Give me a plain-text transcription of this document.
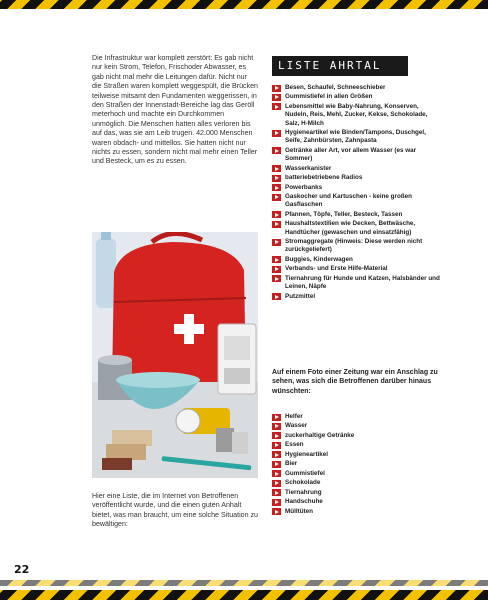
Die Infrastruktur war komplett zerstört: Es gab nicht nur kein Strom, Telefon, Frischoder Abwasser, es gab nicht mal mehr die Leitungen dafür. Nicht nur die Straßen waren komplett weggespült, die Brücken teilweise mitsamt den Fundamenten weggerissen, in den Straßen der Innenstadt-Bereiche lag das Geröll meterhoch und machte ein Durchkommen unmöglich. Die Menschen hatten alles verloren bis auf das, was sie am Leib trugen. 42.000 Menschen waren obdach- und mittellos. Sie hatten nicht nur nichts zu essen, sondern nicht mal mehr einen Teller und Besteck, um es zu essen.

Hier eine Liste, die im Internet von Betroffenen veröffentlicht wurde, und die einen guten Anhalt bietet, was man braucht, um eine solche Situation zu bewältigen:
LISTE AHRTAL
Besen, Schaufel, Schneeschieber
Gummistiefel in allen Größen
Lebensmittel wie Baby-Nahrung, Konserven, Nudeln, Reis, Mehl, Zucker, Kekse, Schokolade, Salz, H-Milch
Hygieneartikel wie Binden/Tampons, Duschgel, Seife, Zahnbürsten, Zahnpasta
Getränke aller Art, vor allem Wasser (es war Sommer)
Wasserkanister
batteriebetriebene Radios
Powerbanks
Gaskocher und Kartuschen - keine großen Gasflaschen
Pfannen, Töpfe, Teller, Besteck, Tassen
Haushaltstextilien wie Decken, Bettwäsche, Handtücher (gewaschen und einsatzfähig)
Stromaggregate (Hinweis: Diese werden nicht zurückgeliefert)
Buggies, Kinderwagen
Verbands- und Erste Hilfe-Material
Tiernahrung für Hunde und Katzen, Halsbänder und Leinen, Näpfe
Putzmittel
Auf einem Foto einer Zeitung war ein Anschlag zu sehen, was sich die Betroffenen darüber hinaus wünschten:
Helfer
Wasser
zuckerhaltige Getränke
Essen
Hygieneartikel
Bier
Gummistiefel
Schokolade
Tiernahrung
Handschuhe
Mülltüten
22
